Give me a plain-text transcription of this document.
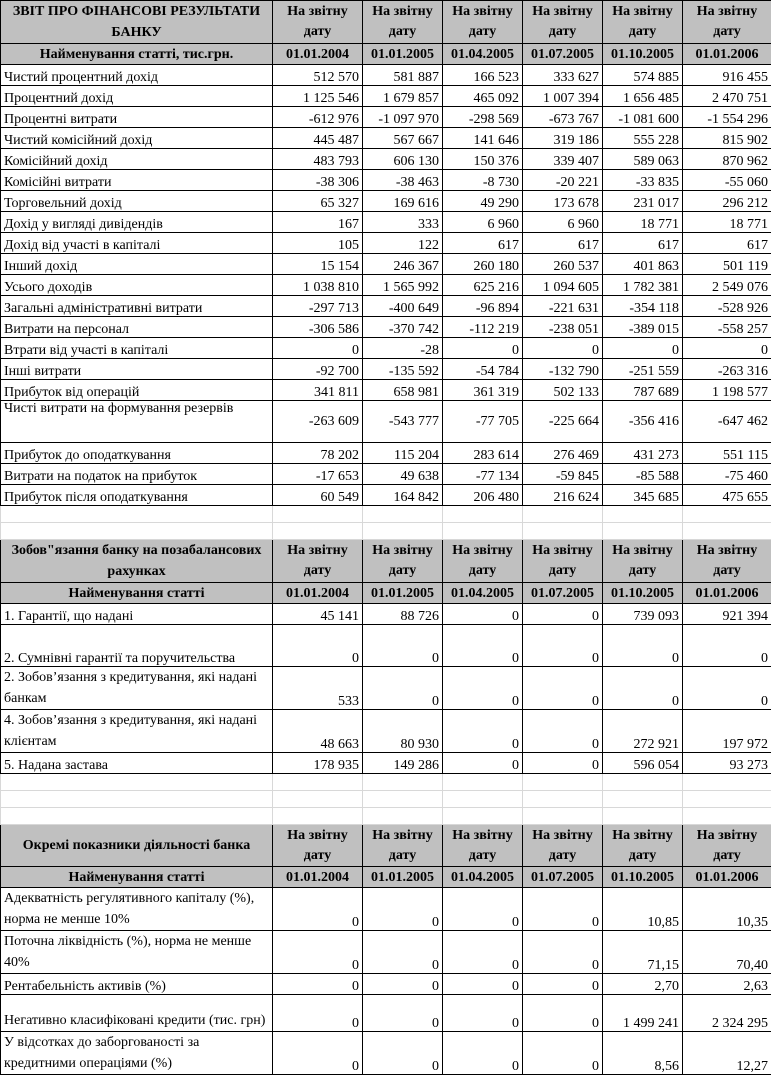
ЗВІТ ПРО ФІНАНСОВІ РЕЗУЛЬТАТИ БАНКУ	На звітну дату	На звітну дату	На звітну дату	На звітну дату	На звітну дату	На звітну дату
Найменування статті, тис.грн.	01.01.2004	01.01.2005	01.04.2005	01.07.2005	01.10.2005	01.01.2006
Чистий процентний дохід	512 570	581 887	166 523	333 627	574 885	916 455
Процентний дохід	1 125 546	1 679 857	465 092	1 007 394	1 656 485	2 470 751
Процентні витрати	-612 976	-1 097 970	-298 569	-673 767	-1 081 600	-1 554 296
Чистий комісійний дохід	445 487	567 667	141 646	319 186	555 228	815 902
Комісійний дохід	483 793	606 130	150 376	339 407	589 063	870 962
Комісійні витрати	-38 306	-38 463	-8 730	-20 221	-33 835	-55 060
Торговельний дохід	65 327	169 616	49 290	173 678	231 017	296 212
Дохід у вигляді дивідендів	167	333	6 960	6 960	18 771	18 771
Дохід від участі в капіталі	105	122	617	617	617	617
Інший дохід	15 154	246 367	260 180	260 537	401 863	501 119
Усього доходів	1 038 810	1 565 992	625 216	1 094 605	1 782 381	2 549 076
Загальні адміністративні витрати	-297 713	-400 649	-96 894	-221 631	-354 118	-528 926
Витрати на персонал	-306 586	-370 742	-112 219	-238 051	-389 015	-558 257
Втрати від участі в капіталі	0	-28	0	0	0	0
Інші витрати	-92 700	-135 592	-54 784	-132 790	-251 559	-263 316
Прибуток від операцій	341 811	658 981	361 319	502 133	787 689	1 198 577
Чисті витрати на формування резервів	-263 609	-543 777	-77 705	-225 664	-356 416	-647 462
Прибуток до оподаткування	78 202	115 204	283 614	276 469	431 273	551 115
Витрати на податок на прибуток	-17 653	49 638	-77 134	-59 845	-85 588	-75 460
Прибуток після оподаткування	60 549	164 842	206 480	216 624	345 685	475 655

Зобов"язання банку на позабалансових рахунках	На звітну дату	На звітну дату	На звітну дату	На звітну дату	На звітну дату	На звітну дату
Найменування статті	01.01.2004	01.01.2005	01.04.2005	01.07.2005	01.10.2005	01.01.2006
1. Гарантії, що надані	45 141	88 726	0	0	739 093	921 394
2. Сумнівні гарантії та поручительства	0	0	0	0	0	0
2. Зобов’язання з кредитування, які надані банкам	533	0	0	0	0	0
4. Зобов’язання з кредитування, які надані клієнтам	48 663	80 930	0	0	272 921	197 972
5. Надана застава	178 935	149 286	0	0	596 054	93 273

Окремі показники діяльності банка	На звітну дату	На звітну дату	На звітну дату	На звітну дату	На звітну дату	На звітну дату
Найменування статті	01.01.2004	01.01.2005	01.04.2005	01.07.2005	01.10.2005	01.01.2006
Адекватність регулятивного капіталу (%), норма не менше 10%	0	0	0	0	10,85	10,35
Поточна ліквідність (%), норма не менше 40%	0	0	0	0	71,15	70,40
Рентабельність активів (%)	0	0	0	0	2,70	2,63
Негативно класифіковані кредити (тис. грн)	0	0	0	0	1 499 241	2 324 295
У відсотках до заборгованості за кредитними операціями (%)	0	0	0	0	8,56	12,27
